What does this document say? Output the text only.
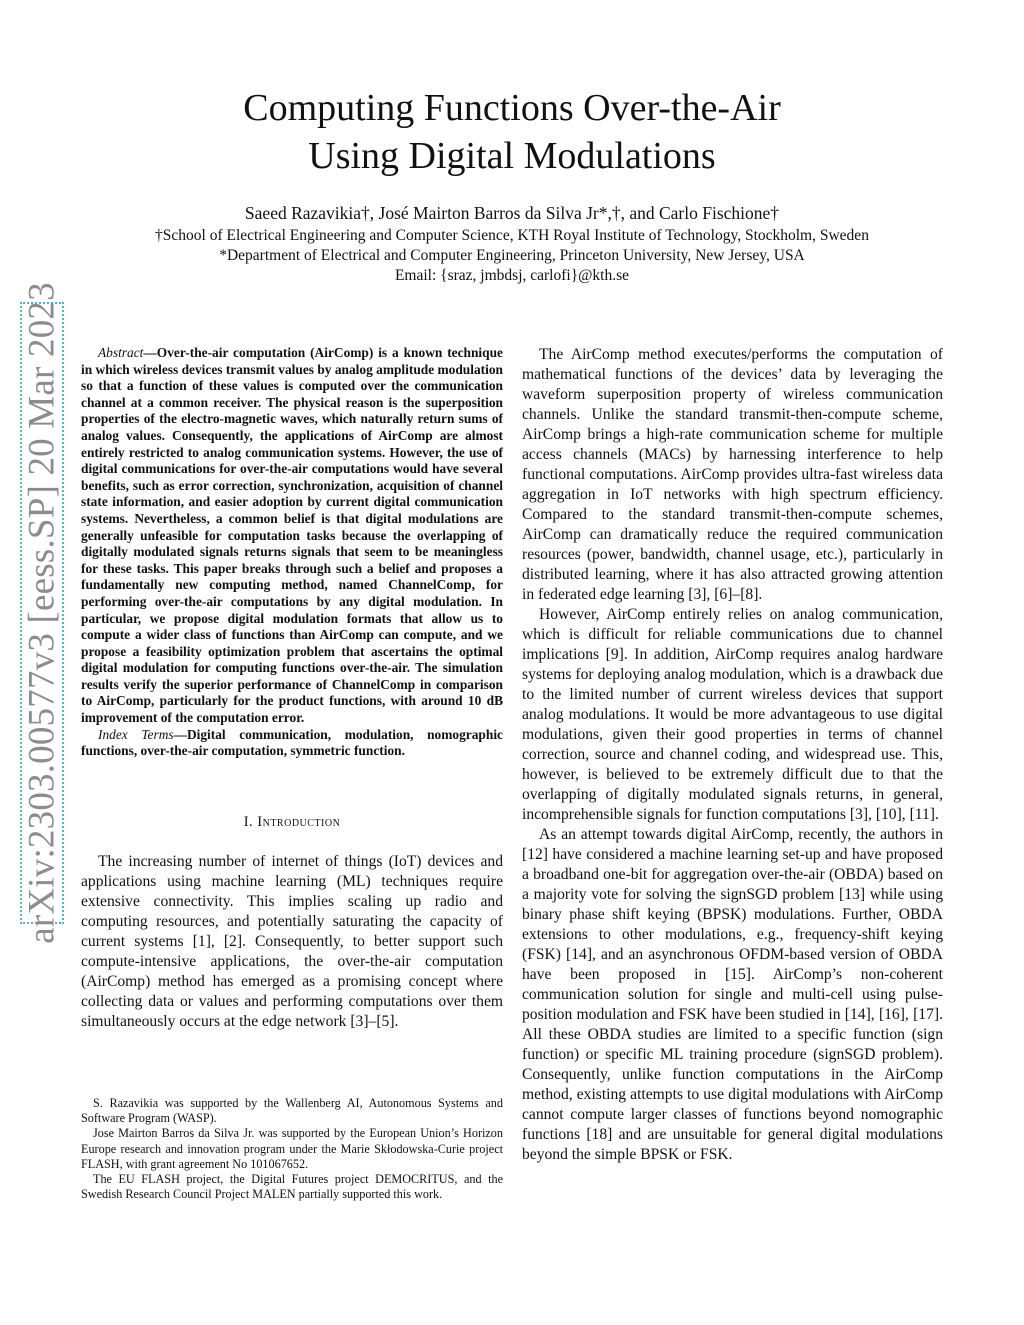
arXiv:2303.00577v3 [eess.SP] 20 Mar 2023
Computing Functions Over-the-Air
Using Digital Modulations
Saeed Razavikia†, José Mairton Barros da Silva Jr*,†, and Carlo Fischione†
†School of Electrical Engineering and Computer Science, KTH Royal Institute of Technology, Stockholm, Sweden
*Department of Electrical and Computer Engineering, Princeton University, New Jersey, USA
Email: {sraz, jmbdsj, carlofi}@kth.se

Abstract—Over-the-air computation (AirComp) is a known technique in which wireless devices transmit values by analog amplitude modulation so that a function of these values is computed over the communication channel at a common receiver. The physical reason is the superposition properties of the electro-magnetic waves, which naturally return sums of analog values. Consequently, the applications of AirComp are almost entirely restricted to analog communication systems. However, the use of digital communications for over-the-air computations would have several benefits, such as error correction, synchronization, acquisition of channel state information, and easier adoption by current digital communication systems. Nevertheless, a common belief is that digital modulations are generally unfeasible for computation tasks because the overlapping of digitally modulated signals returns signals that seem to be meaningless for these tasks. This paper breaks through such a belief and proposes a fundamentally new computing method, named ChannelComp, for performing over-the-air computations by any digital modulation. In particular, we propose digital modulation formats that allow us to compute a wider class of functions than AirComp can compute, and we propose a feasibility optimization problem that ascertains the optimal digital modulation for computing functions over-the-air. The simulation results verify the superior performance of ChannelComp in comparison to AirComp, particularly for the product functions, with around 10 dB improvement of the computation error.

Index Terms—Digital communication, modulation, nomographic functions, over-the-air computation, symmetric function.

I. Introduction

The increasing number of internet of things (IoT) devices and applications using machine learning (ML) techniques require extensive connectivity. This implies scaling up radio and computing resources, and potentially saturating the capacity of current systems [1], [2]. Consequently, to better support such compute-intensive applications, the over-the-air computation (AirComp) method has emerged as a promising concept where collecting data or values and performing computations over them simultaneously occurs at the edge network [3]–[5].

S. Razavikia was supported by the Wallenberg AI, Autonomous Systems and Software Program (WASP).

Jose Mairton Barros da Silva Jr. was supported by the European Union’s Horizon Europe research and innovation program under the Marie Skłodowska-Curie project FLASH, with grant agreement No 101067652.

The EU FLASH project, the Digital Futures project DEMOCRITUS, and the Swedish Research Council Project MALEN partially supported this work.

The AirComp method executes/performs the computation of mathematical functions of the devices’ data by leveraging the waveform superposition property of wireless communication channels. Unlike the standard transmit-then-compute scheme, AirComp brings a high-rate communication scheme for multiple access channels (MACs) by harnessing interference to help functional computations. AirComp provides ultra-fast wireless data aggregation in IoT networks with high spectrum efficiency. Compared to the standard transmit-then-compute schemes, AirComp can dramatically reduce the required communication resources (power, bandwidth, channel usage, etc.), particularly in distributed learning, where it has also attracted growing attention in federated edge learning [3], [6]–[8].

However, AirComp entirely relies on analog communication, which is difficult for reliable communications due to channel implications [9]. In addition, AirComp requires analog hardware systems for deploying analog modulation, which is a drawback due to the limited number of current wireless devices that support analog modulations. It would be more advantageous to use digital modulations, given their good properties in terms of channel correction, source and channel coding, and widespread use. This, however, is believed to be extremely difficult due to that the overlapping of digitally modulated signals returns, in general, incomprehensible signals for function computations [3], [10], [11].

As an attempt towards digital AirComp, recently, the authors in [12] have considered a machine learning set-up and have proposed a broadband one-bit for aggregation over-the-air (OBDA) based on a majority vote for solving the signSGD problem [13] while using binary phase shift keying (BPSK) modulations. Further, OBDA extensions to other modulations, e.g., frequency-shift keying (FSK) [14], and an asynchronous OFDM-based version of OBDA have been proposed in [15]. AirComp’s non-coherent communication solution for single and multi-cell using pulse-position modulation and FSK have been studied in [14], [16], [17]. All these OBDA studies are limited to a specific function (sign function) or specific ML training procedure (signSGD problem). Consequently, unlike function computations in the AirComp method, existing attempts to use digital modulations with AirComp cannot compute larger classes of functions beyond nomographic functions [18] and are unsuitable for general digital modulations beyond the simple BPSK or FSK.
